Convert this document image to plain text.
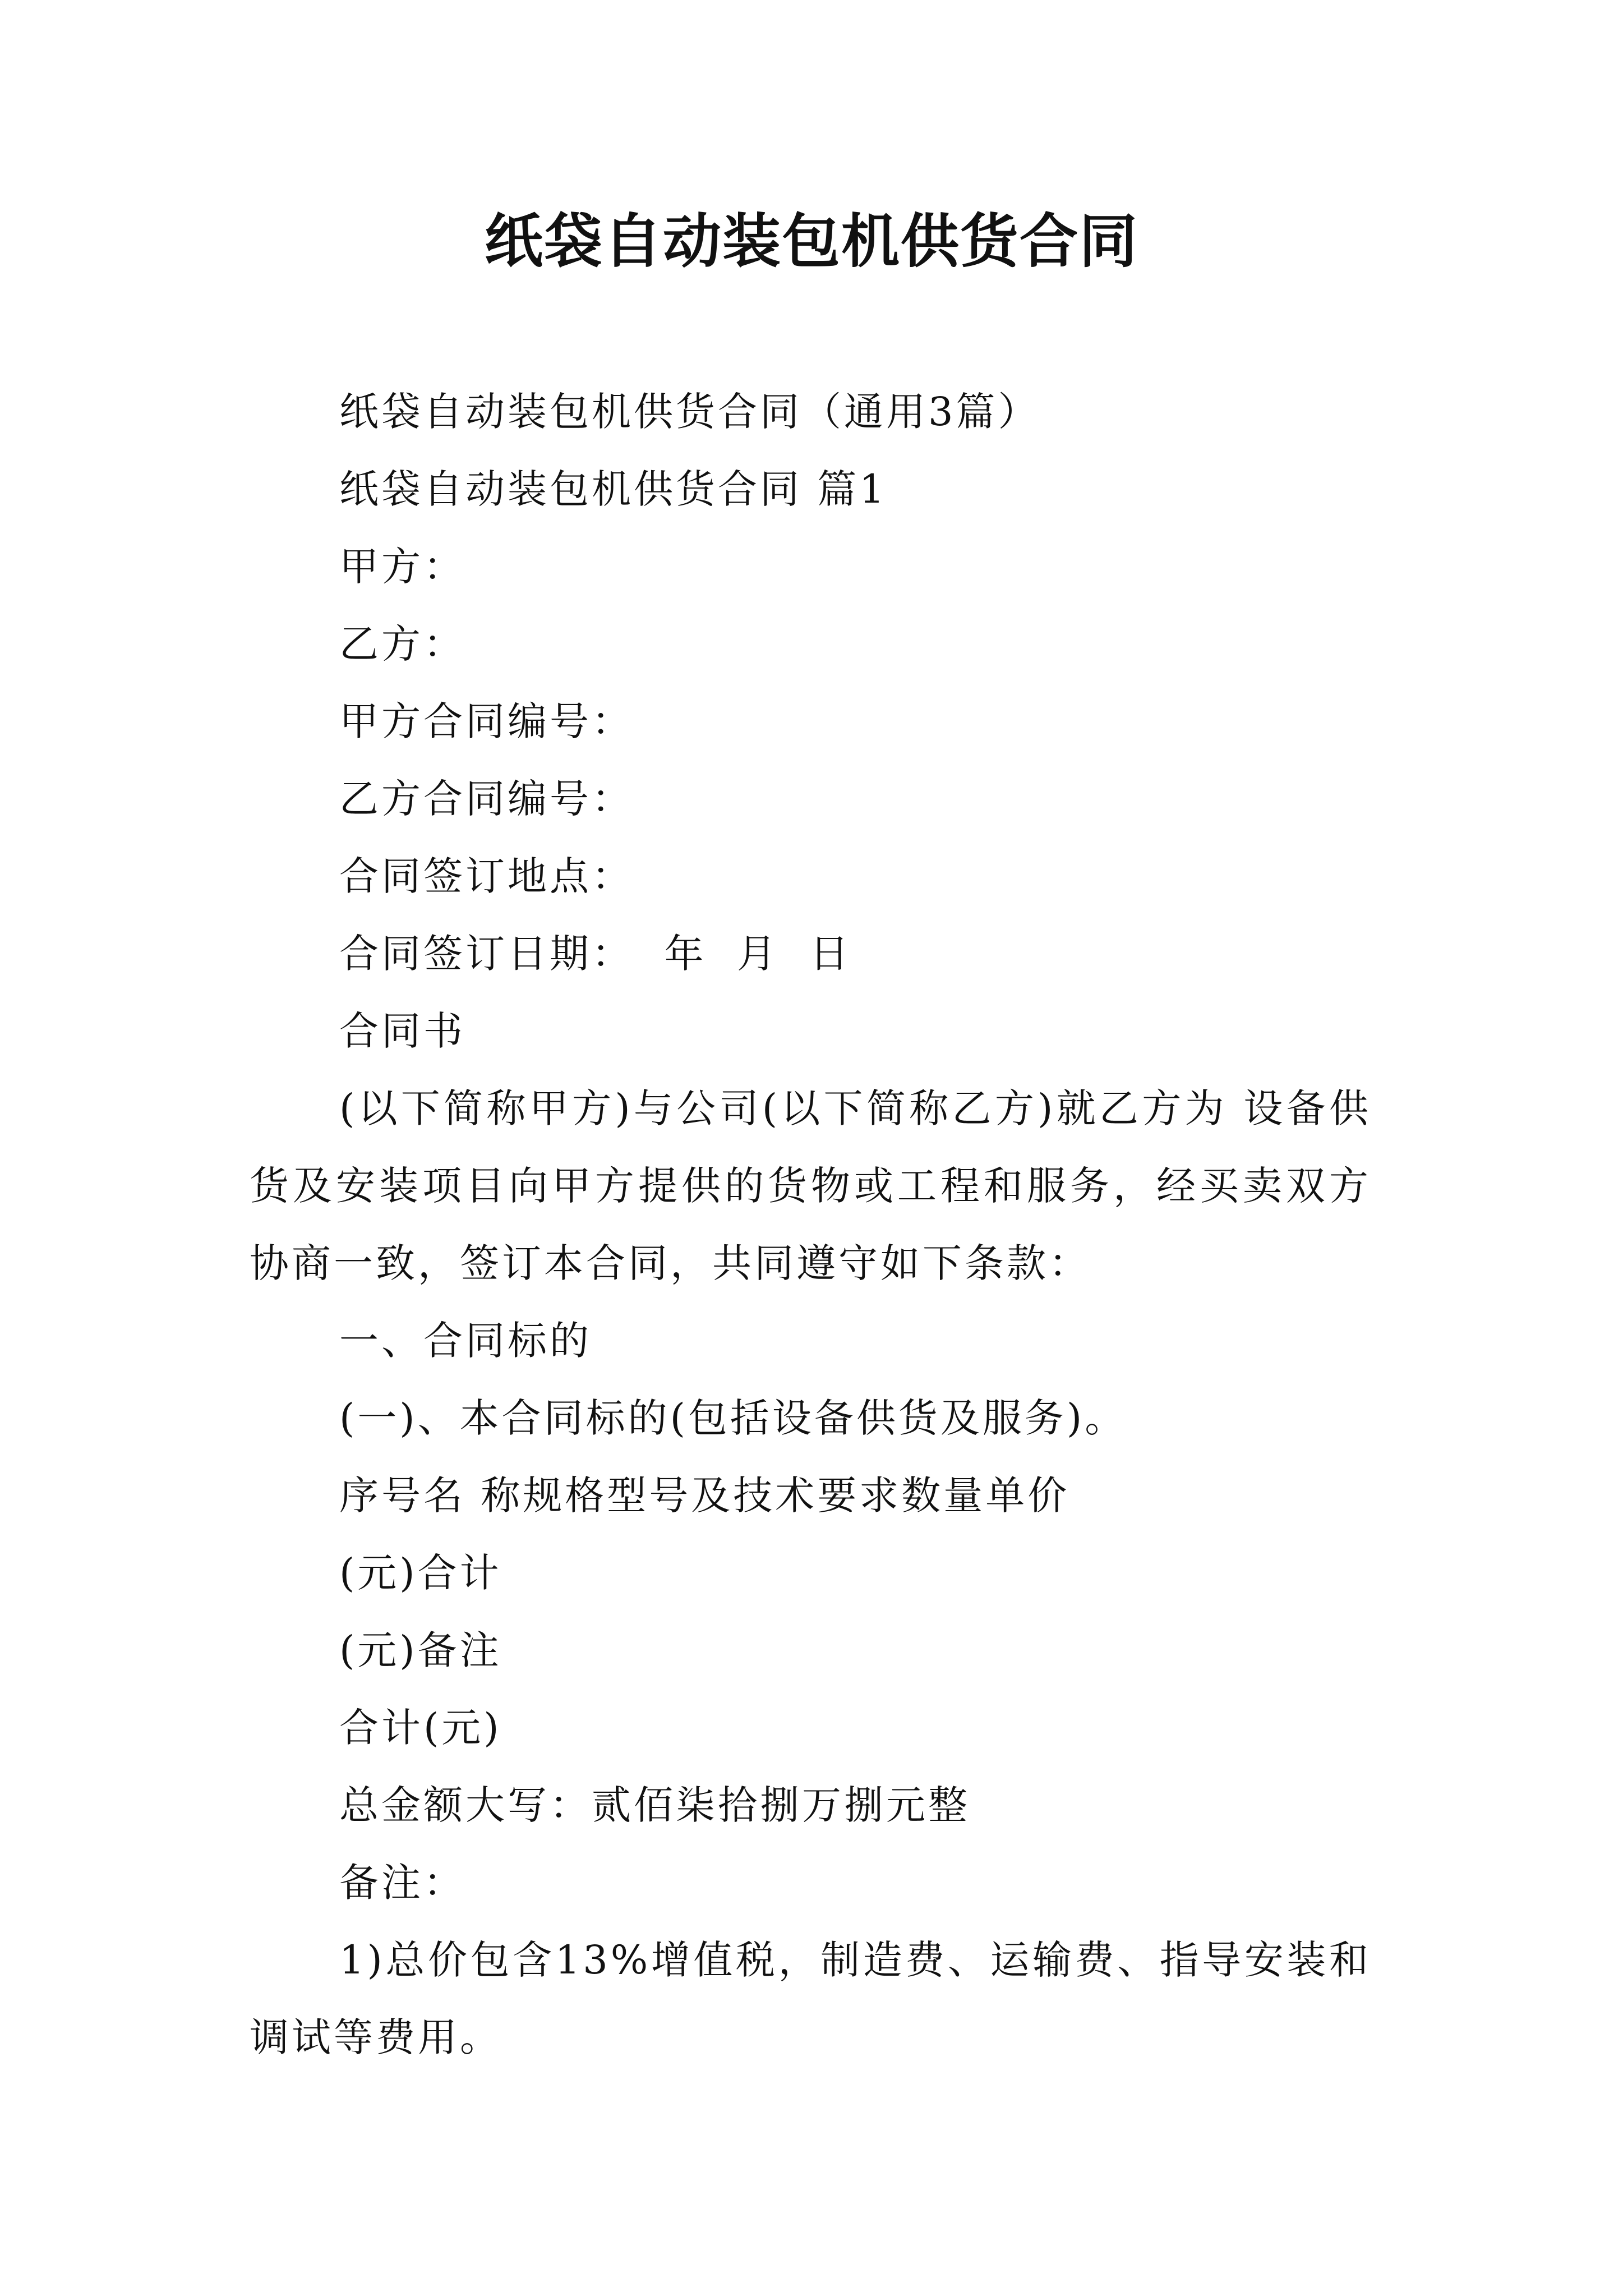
纸袋自动装包机供货合同
纸袋自动装包机供货合同（通用3篇）
纸袋自动装包机供货合同 篇1
甲方：
乙方：
甲方合同编号：
乙方合同编号：
合同签订地点：
合同签订日期：  年  月  日
合同书
(以下简称甲方)与公司(以下简称乙方)就乙方为 设备供货及安装项目向甲方提供的货物或工程和服务，经买卖双方协商一致，签订本合同，共同遵守如下条款：
一、合同标的
(一)、本合同标的(包括设备供货及服务)。
序号名 称规格型号及技术要求数量单价
(元)合计
(元)备注
合计(元)
总金额大写：贰佰柒拾捌万捌元整
备注：
1)总价包含13%增值税，制造费、运输费、指导安装和调试等费用。
